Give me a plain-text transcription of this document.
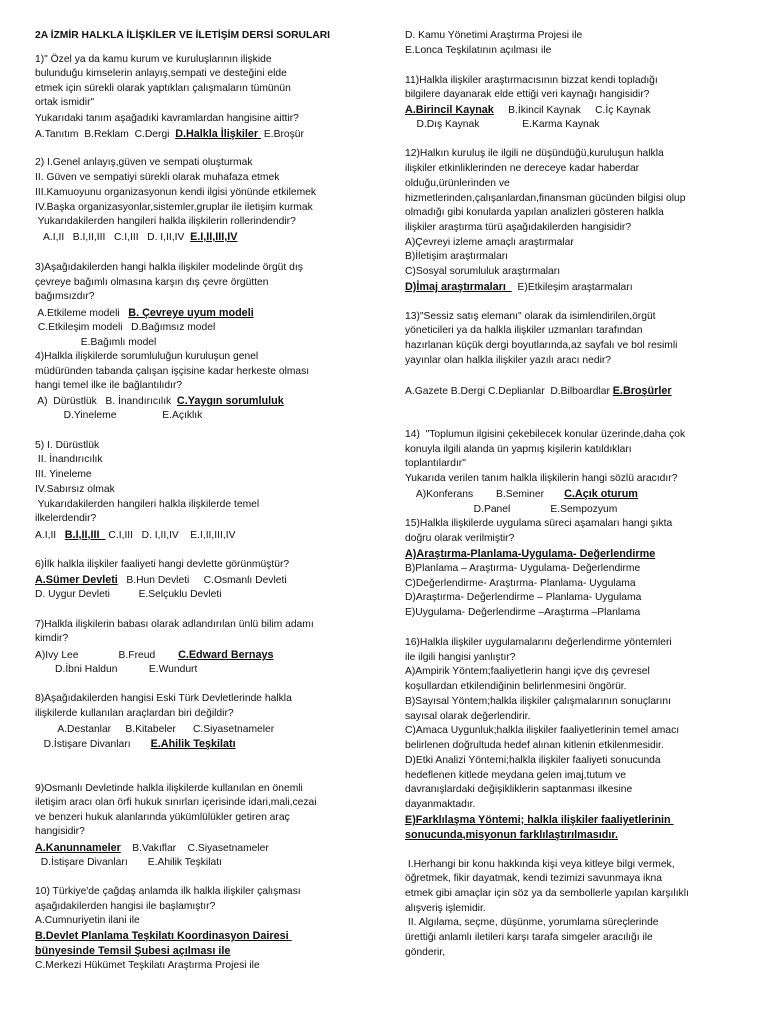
2A İZMİR HALKLA İLİŞKİLER VE İLETİŞİM DERSİ SORULARI
1)" Özel ya da kamu kurum ve kuruluşlarının ilişkide
bulunduğu kimselerin anlayış,sempati ve desteğini elde
etmek için sürekli olarak yaptıkları çalışmaların tümünün
ortak ismidir"
Yukarıdaki tanım aşağadıki kavramlardan hangisine aittir?
A.Tanıtım  B.Reklam  C.Dergi  D.Halkla İlişkiler  E.Broşür
2) I.Genel anlayış,güven ve sempati oluşturmak
II. Güven ve sempatiyi sürekli olarak muhafaza etmek
III.Kamuoyunu organizasyonun kendi ilgisi yönünde etkilemek
IV.Başka organizasyonlar,sistemler,gruplar ile iletişim kurmak
Yukarıdakilerden hangileri halkla ilişkilerin rollerindendir?
A.I,II   B.I,II,III   C.I,III   D. I,II,IV  E.I,II,III,IV
3)Aşağıdakilerden hangi halkla ilişkiler modelinde örgüt dış
çevreye bağımlı olmasına karşın dış çevre örgütten
bağımsızdır?
A.Etkileme modeli   B. Çevreye uyum modeli
C.Etkileşim modeli   D.Bağımsız model
E.Bağımlı model
4)Halkla ilişkilerde sorumluluğun kuruluşun genel
müdüründen tabanda çalışan işçisine kadar herkeste olması
hangi temel ilke ile bağlantılıdır?
A)  Dürüstlük   B. İnandırıcılık  C.Yaygın sorumluluk
D.Yineleme                E.Açıklık
5) I. Dürüstlük
II. İnandırıcılık
III. Yineleme
IV.Sabırsız olmak
Yukarıdakilerden hangileri halkla ilişkilerde temel
ilkelerdendir?
A.I,II   B.I,II,III   C.I,III   D. I,II,IV    E.I,II,III,IV
6)İlk halkla ilişkiler faaliyeti hangi devlette görünmüştür?
A.Sümer Devleti   B.Hun Devleti     C.Osmanlı Devleti
D. Uygur Devleti          E.Selçuklu Devleti
7)Halkla ilişkilerin babası olarak adlandırılan ünlü bilim adamı
kimdir?
A)Ivy Lee              B.Freud        C.Edward Bernays
D.İbni Haldun           E.Wundurt
8)Aşağıdakilerden hangisi Eski Türk Devletlerinde halkla
ilişkilerde kullanılan araçlardan biri değildir?
A.Destanlar     B.Kitabeler      C.Siyasetnameler
D.İstişare Divanları       E.Ahilik Teşkilatı
9)Osmanlı Devletinde halkla ilişkilerde kullanılan en önemli
iletişim aracı olan örfi hukuk sınırları içerisinde idari,mali,cezai
ve benzeri hukuk alanlarında yükümlülükler getiren araç
hangisidir?
A.Kanunnameler    B.Vakıflar    C.Siyasetnameler
D.İstişare Divanları       E.Ahilik Teşkilatı
10) Türkiye'de çağdaş anlamda ilk halkla ilişkiler çalışması
aşağıdakilerden hangisi ile başlamıştır?
A.Cumnuriyetin ilani ile
B.Devlet Planlama Teşkilatı Koordinasyon Dairesi
bünyesinde Temsil Şubesi açılması ile
C.Merkezi Hükümet Teşkilatı Araştırma Projesi ile
D. Kamu Yönetimi Araştırma Projesi ile
E.Lonca Teşkilatının açılması ile
11)Halkla ilişkiler araştırmacısının bizzat kendi topladığı
bilgilere dayanarak elde ettiği veri kaynağı hangisidir?
A.Birincil Kaynak     B.İkincil Kaynak     C.İç Kaynak
D.Dış Kaynak               E.Karma Kaynak
12)Halkın kuruluş ile ilgili ne düşündüğü,kuruluşun halkla
ilişkiler etkinliklerinden ne dereceye kadar haberdar
olduğu,ürünlerinden ve
hizmetlerinden,çalışanlardan,finansman gücünden bilgisi olup
olmadığı gibi konularda yapılan analizleri gösteren halkla
ilişkiler araştırma türü aşağıdakilerden hangisidir?
A)Çevreyi izleme amaçlı araştırmalar
B)İletişim araştırmaları
C)Sosyal sorumluluk araştırmaları
D)İmaj araştırmaları    E)Etkileşim araştarmaları
13)"Sessiz satış elemanı" olarak da isimlendirilen,örgüt
yöneticileri ya da halkla ilişkiler uzmanları tarafından
hazırlanan küçük dergi boyutlarında,az sayfalı ve bol resimli
yayınlar olan halkla ilişkiler yazılı aracı nedir?
A.Gazete B.Dergi C.Deplianlar  D.Bilboardlar E.Broşürler
14)  "Toplumun ilgisini çekebilecek konular üzerinde,daha çok
konuyla ilgili alanda ün yapmış kişilerin katıldıkları
toplantılardır"
Yukarıda verilen tanım halkla ilişkilerin hangi sözlü aracıdır?
A)Konferans        B.Seminer       C.Açık oturum
D.Panel              E.Sempozyum
15)Halkla ilişkilerde uygulama süreci aşamaları hangi şıkta
doğru olarak verilmiştir?
A)Araştırma-Planlama-Uygulama- Değerlendirme
B)Planlama – Araştırma- Uygulama- Değerlendirme
C)Değerlendirme- Araştırma- Planlama- Uygulama
D)Araştırma- Değerlendirme – Planlama- Uygulama
E)Uygulama- Değerlendirme –Araştırma –Planlama
16)Halkla ilişkiler uygulamalarını değerlendirme yöntemleri
ile ilgili hangisi yanlıştır?
A)Ampirik Yöntem;faaliyetlerin hangi içve dış çevresel
koşullardan etkilendiğinin belirlenmesini öngörür.
B)Sayısal Yöntem;halkla ilişkiler çalışmalarının sonuçlarını
sayısal olarak değerlendirir.
C)Amaca Uygunluk;halkla ilişkiler faaliyetlerinin temel amacı
belirlenen doğrultuda hedef alınan kitlenin etkilenmesidir.
D)Etki Analizi Yöntemi;halkla ilişkiler faaliyeti sonucunda
hedeflenen kitlede meydana gelen imaj,tutum ve
davranışlardaki değişikliklerin saptanması ilkesine
dayanmaktadır.
E)Farklılaşma Yöntemi; halkla ilişkiler faaliyetlerinin
sonucunda,misyonun farklılaştırılmasıdır.
I.Herhangi bir konu hakkında kişi veya kitleye bilgi vermek,
öğretmek, fikir dayatmak, kendi tezimizi savunmaya ikna
etmek gibi amaçlar için söz ya da sembollerle yapılan karşılıklı
alışveriş işlemidir.
II. Algılama, seçme, düşünme, yorumlama süreçlerinde
ürettiği anlamlı iletileri karşı tarafa simgeler aracılığı ile
gönderir,
